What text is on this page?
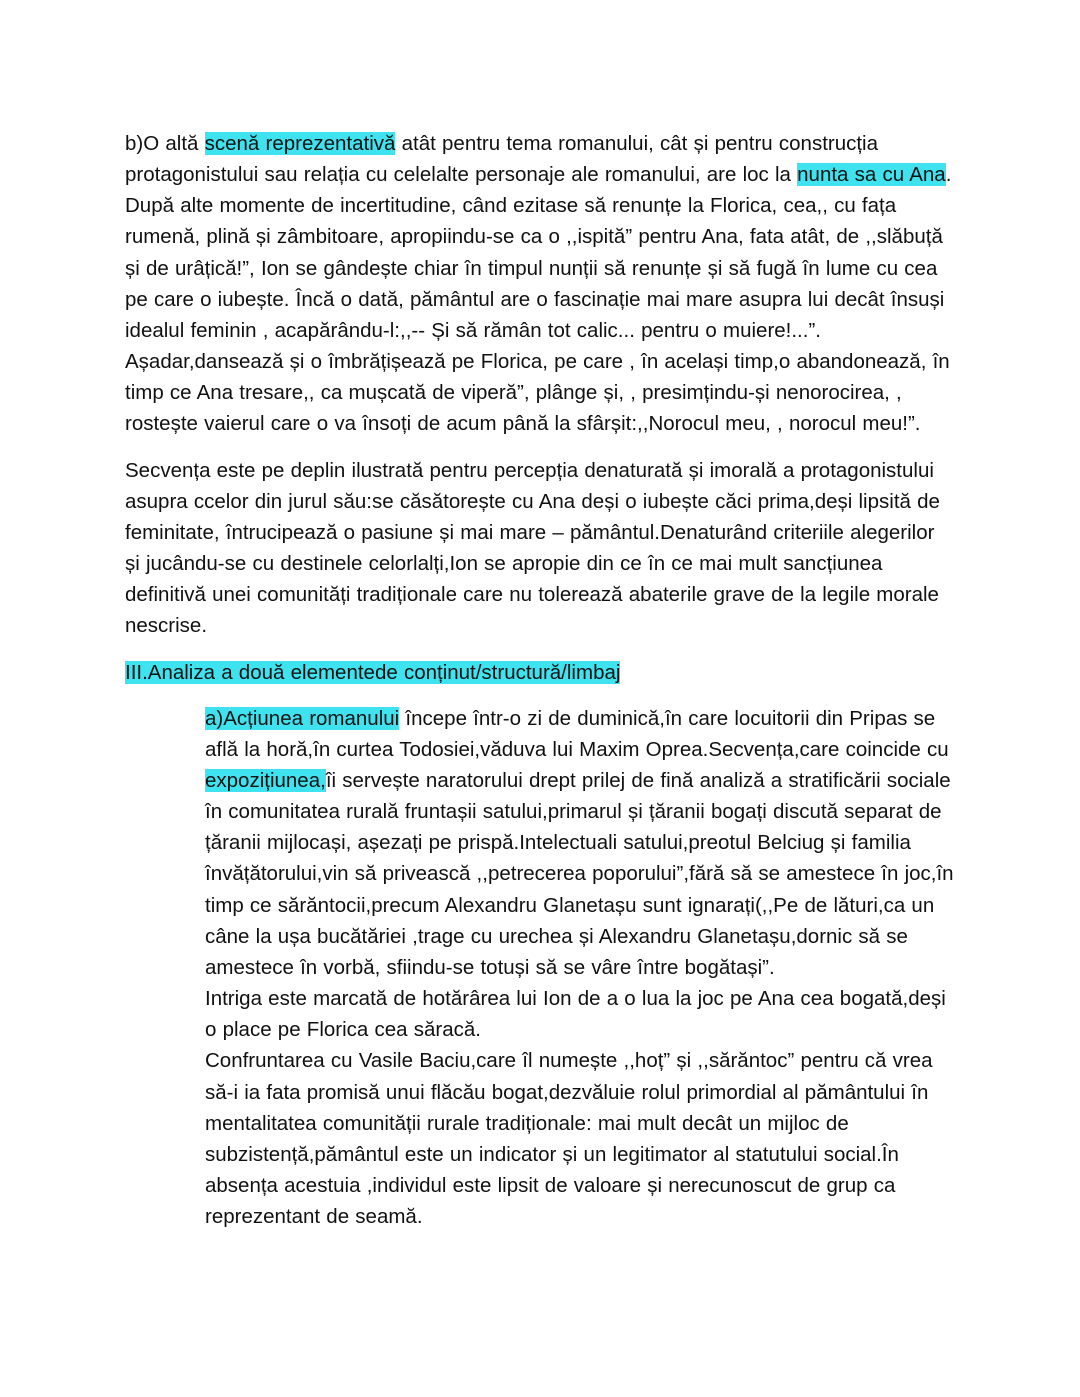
b)O altă scenă reprezentativă atât pentru tema romanului, cât și pentru construcția protagonistului sau relația cu celelalte personaje ale romanului, are loc la nunta sa cu Ana. După alte momente de incertitudine, când ezitase să renunțe la Florica, cea,, cu fața rumenă, plină și zâmbitoare, apropiindu-se ca o ,,ispită” pentru Ana, fata atât, de ,,slăbuță și de urâțică!”, Ion se gândește chiar în timpul nunții să renunțe și să fugă în lume cu cea pe care o iubește. Încă o dată, pământul are o fascinație mai mare asupra lui decât însuși idealul feminin , acapărându-l:,,-- Și să rămân tot calic... pentru o muiere!...”. Așadar,dansează și o îmbrățișează pe Florica, pe care , în același timp,o abandonează, în timp ce Ana tresare,, ca mușcată de viperă”, plânge și, , presimțindu-și nenorocirea, , rostește vaierul care o va însoți de acum până la sfârșit:,,Norocul meu, , norocul meu!”.

Secvența este pe deplin ilustrată pentru percepția denaturată și imorală a protagonistului asupra ccelor din jurul său:se căsătorește cu Ana deși o iubește căci prima,deși lipsită de feminitate, întrucipează o pasiune și mai mare – pământul.Denaturând criteriile alegerilor și jucându-se cu destinele celorlalți,Ion se apropie din ce în ce mai mult sancțiunea definitivă unei comunități tradiționale care nu tolerează abaterile grave de la legile morale nescrise.

III.Analiza a două elementede conținut/structură/limbaj

a)Acțiunea romanului începe într-o zi de duminică,în care locuitorii din Pripas se află la horă,în curtea Todosiei,văduva lui Maxim Oprea.Secvența,care coincide cu expozițiunea,îi servește naratorului drept prilej de fină analiză a stratificării sociale în comunitatea rurală fruntașii satului,primarul și țăranii bogați discută separat de țăranii mijlocași, așezați pe prispă.Intelectuali satului,preotul Belciug și familia învățătorului,vin să privească ,,petrecerea poporului”,fără să se amestece în joc,în timp ce sărăntocii,precum Alexandru Glanetașu sunt ignarați(,,Pe de lături,ca un câne la ușa bucătăriei ,trage cu urechea și Alexandru Glanetașu,dornic să se amestece în vorbă, sfiindu-se totuși să se vâre între bogătași”.

Intriga este marcată de hotărârea lui Ion de a o lua la joc pe Ana cea bogată,deși o place pe Florica cea săracă.

Confruntarea cu Vasile Baciu,care îl numește ,,hoț” și ,,sărăntoc” pentru că vrea să-i ia fata promisă unui flăcău bogat,dezvăluie rolul primordial al pământului în mentalitatea comunității rurale tradiționale: mai mult decât un mijloc de subzistență,pământul este un indicator și un legitimator al statutului social.În absența acestuia ,individul este lipsit de valoare și nerecunoscut de grup ca reprezentant de seamă.
